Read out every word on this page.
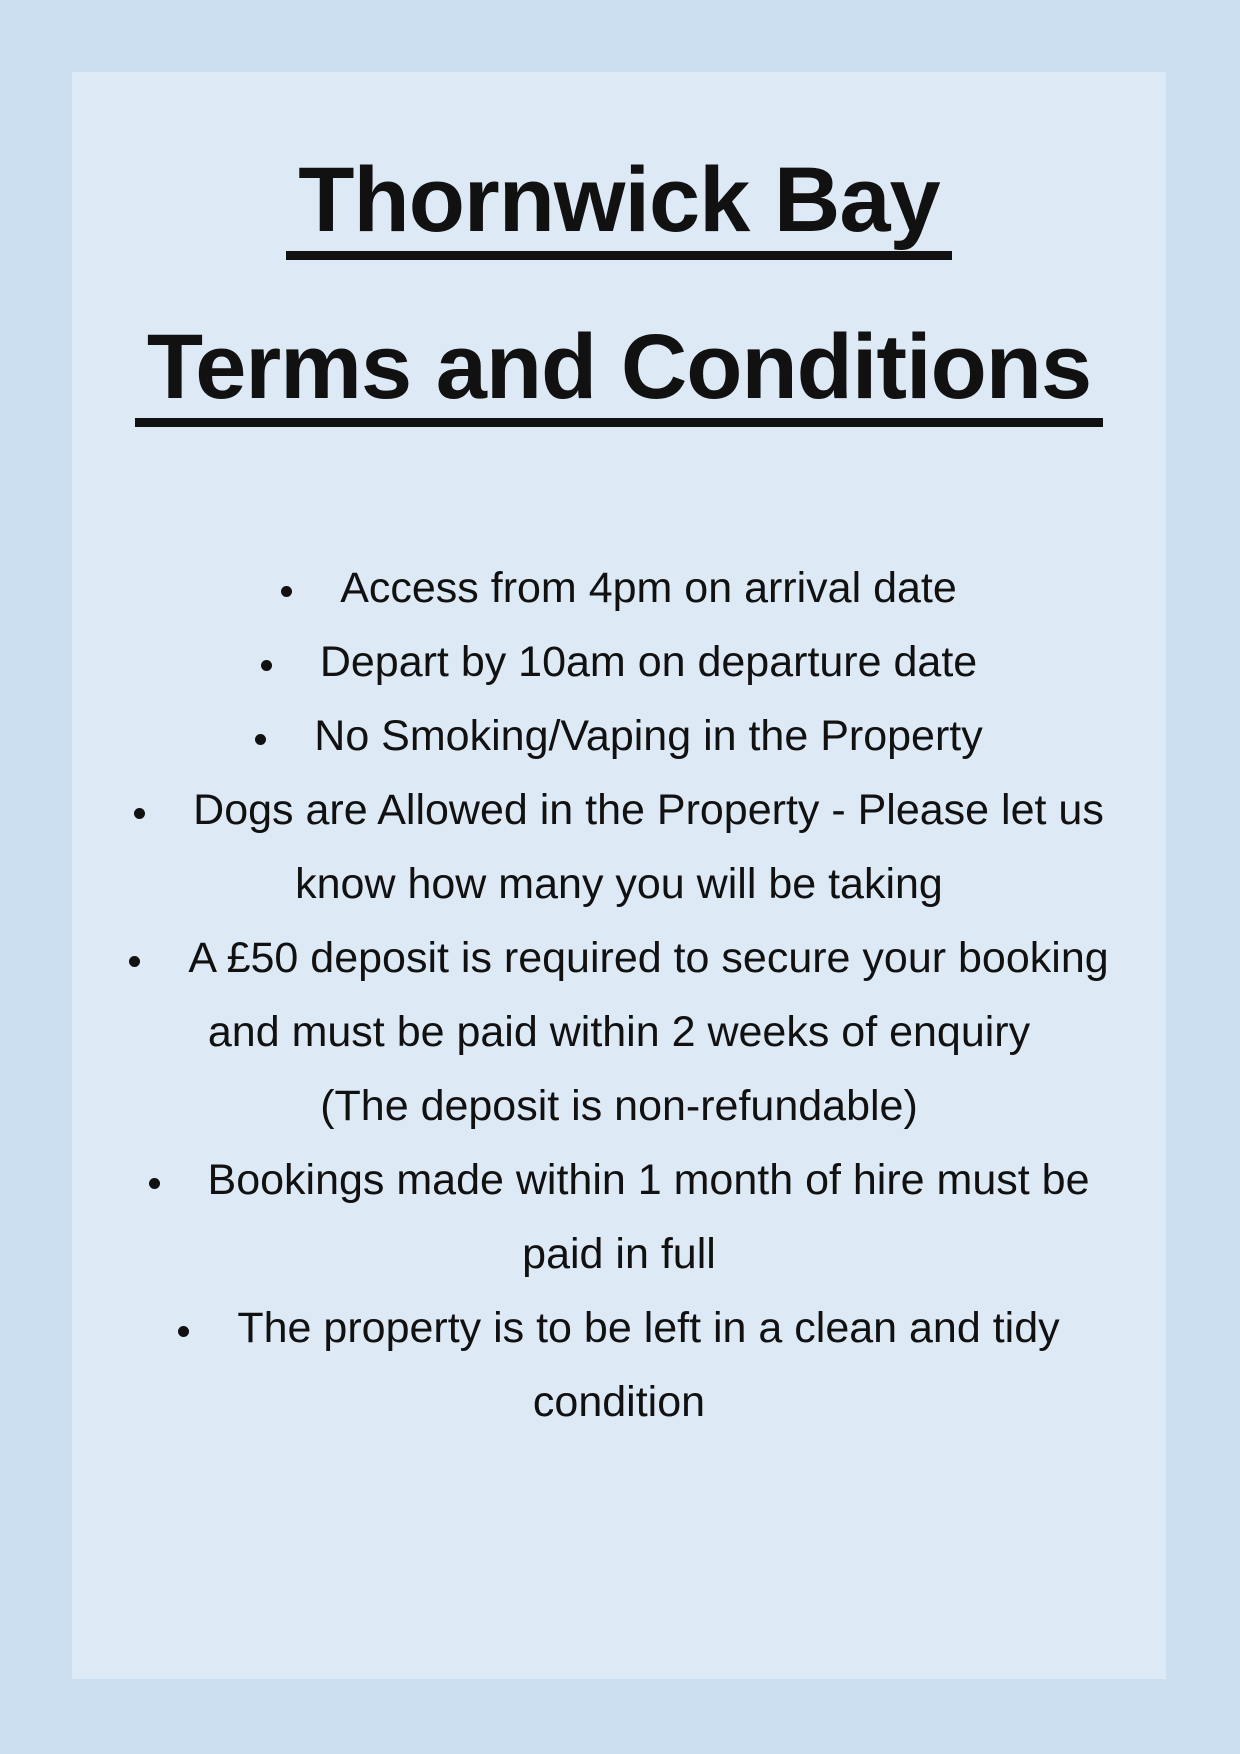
Thornwick Bay
Terms and Conditions
Access from 4pm on arrival date
Depart by 10am on departure date
No Smoking/Vaping in the Property
Dogs are Allowed in the Property - Please let us
know how many you will be taking
A £50 deposit is required to secure your booking
and must be paid within 2 weeks of enquiry
(The deposit is non-refundable)
Bookings made within 1 month of hire must be
paid in full
The property is to be left in a clean and tidy
condition
